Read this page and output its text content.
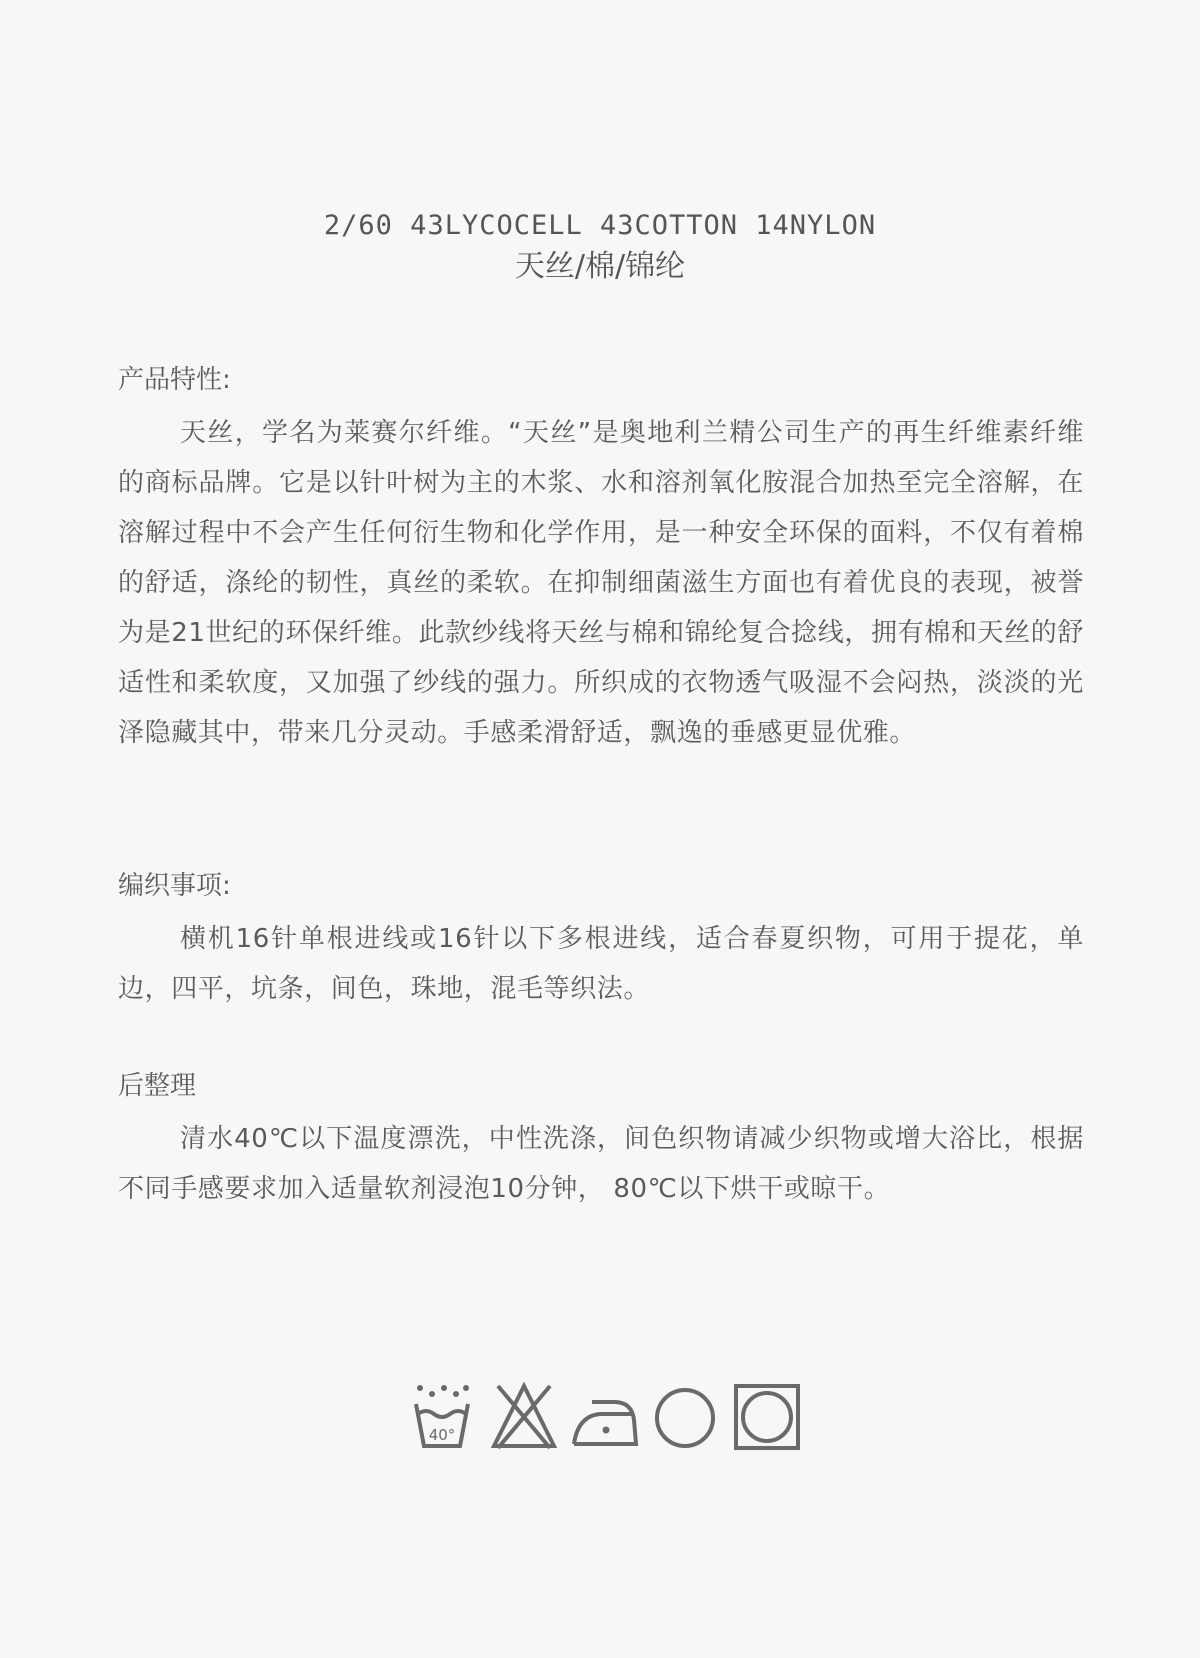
2/60 43LYCOCELL 43COTTON 14NYLON
天丝/棉/锦纶
产品特性:
天丝，学名为莱赛尔纤维。“天丝”是奥地利兰精公司生产的再生纤维素纤维的商标品牌。它是以针叶树为主的木浆、水和溶剂氧化胺混合加热至完全溶解，在溶解过程中不会产生任何衍生物和化学作用，是一种安全环保的面料，不仅有着棉的舒适，涤纶的韧性，真丝的柔软。在抑制细菌滋生方面也有着优良的表现，被誉为是21世纪的环保纤维。此款纱线将天丝与棉和锦纶复合捻线，拥有棉和天丝的舒适性和柔软度，又加强了纱线的强力。所织成的衣物透气吸湿不会闷热，淡淡的光泽隐藏其中，带来几分灵动。手感柔滑舒适，飘逸的垂感更显优雅。
编织事项:
横机16针单根进线或16针以下多根进线，适合春夏织物，可用于提花，单边，四平，坑条，间色，珠地，混毛等织法。
后整理
清水40℃以下温度漂洗，中性洗涤，间色织物请减少织物或增大浴比，根据不同手感要求加入适量软剂浸泡10分钟， 80℃以下烘干或晾干。
40°
